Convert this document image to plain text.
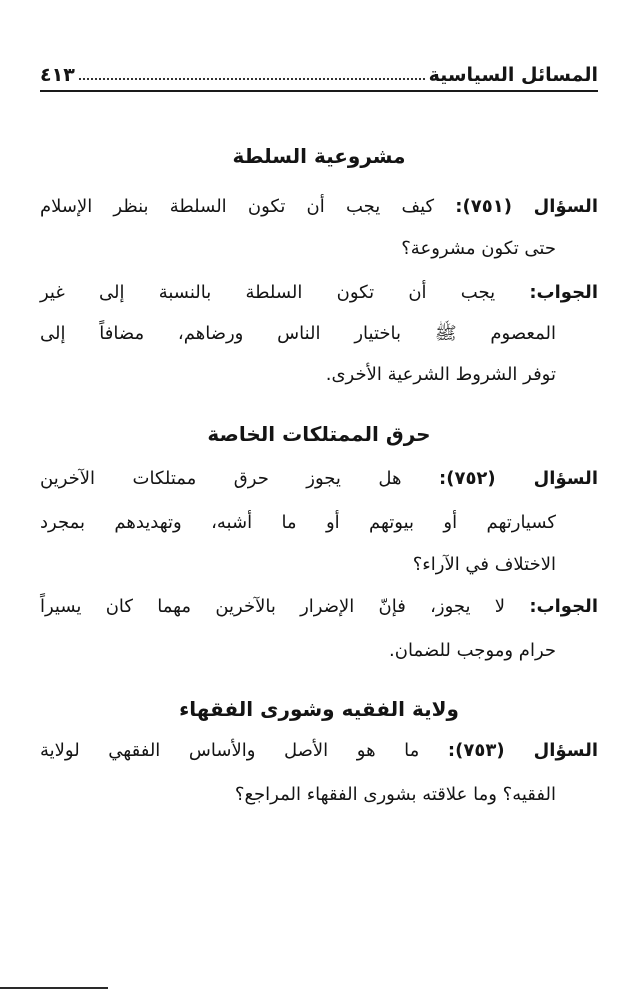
المسائل السياسية
٤١٣
مشروعية السلطة
السؤال (٧٥١): كيف يجب أن تكون السلطة بنظر الإسلام
حتى تكون مشروعة؟
الجواب: يجب أن تكون السلطة بالنسبة إلى غير
المعصوم ﷺ باختيار الناس ورضاهم، مضافاً إلى
توفر الشروط الشرعية الأخرى.
حرق الممتلكات الخاصة
السؤال (٧٥٢): هل يجوز حرق ممتلكات الآخرين
كسيارتهم أو بيوتهم أو ما أشبه، وتهديدهم بمجرد
الاختلاف في الآراء؟
الجواب: لا يجوز، فإنّ الإضرار بالآخرين مهما كان يسيراً
حرام وموجب للضمان.
ولاية الفقيه وشورى الفقهاء
السؤال (٧٥٣): ما هو الأصل والأساس الفقهي لولاية
الفقيه؟ وما علاقته بشورى الفقهاء المراجع؟
